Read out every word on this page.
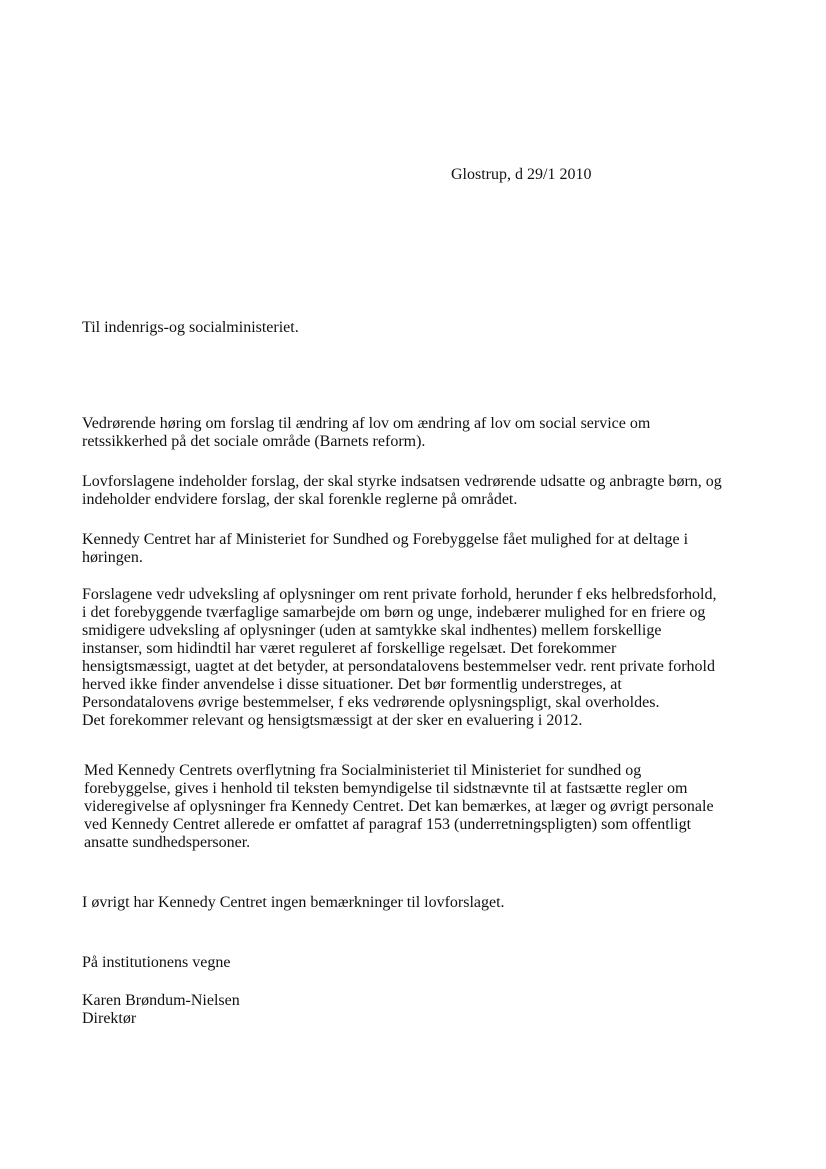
Glostrup, d 29/1 2010

Til indenrigs-og socialministeriet.

Vedrørende høring om forslag til ændring af lov om ændring af lov om social service om
retssikkerhed på det sociale område (Barnets reform).
Lovforslagene indeholder forslag, der skal styrke indsatsen vedrørende udsatte og anbragte børn, og
indeholder endvidere forslag, der skal forenkle reglerne på området.
Kennedy Centret har af Ministeriet for Sundhed og Forebyggelse fået mulighed for at deltage i
høringen.
Forslagene vedr udveksling af oplysninger om rent private forhold, herunder f eks helbredsforhold,
i det forebyggende tværfaglige samarbejde om børn og unge, indebærer mulighed for en friere og
smidigere udveksling af oplysninger (uden at samtykke skal indhentes) mellem forskellige
instanser, som hidindtil har været reguleret af forskellige regelsæt. Det forekommer
hensigtsmæssigt, uagtet at det betyder, at persondatalovens bestemmelser vedr. rent private forhold
herved ikke finder anvendelse i disse situationer. Det bør formentlig understreges, at
Persondatalovens øvrige bestemmelser, f eks vedrørende oplysningspligt, skal overholdes.
Det forekommer relevant og hensigtsmæssigt at der sker en evaluering i 2012.
Med Kennedy Centrets overflytning fra Socialministeriet til Ministeriet for sundhed og
forebyggelse, gives i henhold til teksten bemyndigelse til sidstnævnte til at fastsætte regler om
videregivelse af oplysninger fra Kennedy Centret. Det kan bemærkes, at læger og øvrigt personale
ved Kennedy Centret allerede er omfattet af paragraf 153 (underretningspligten) som offentligt
ansatte sundhedspersoner.

I øvrigt har Kennedy Centret ingen bemærkninger til lovforslaget.

På institutionens vegne

Karen Brøndum-Nielsen
Direktør
